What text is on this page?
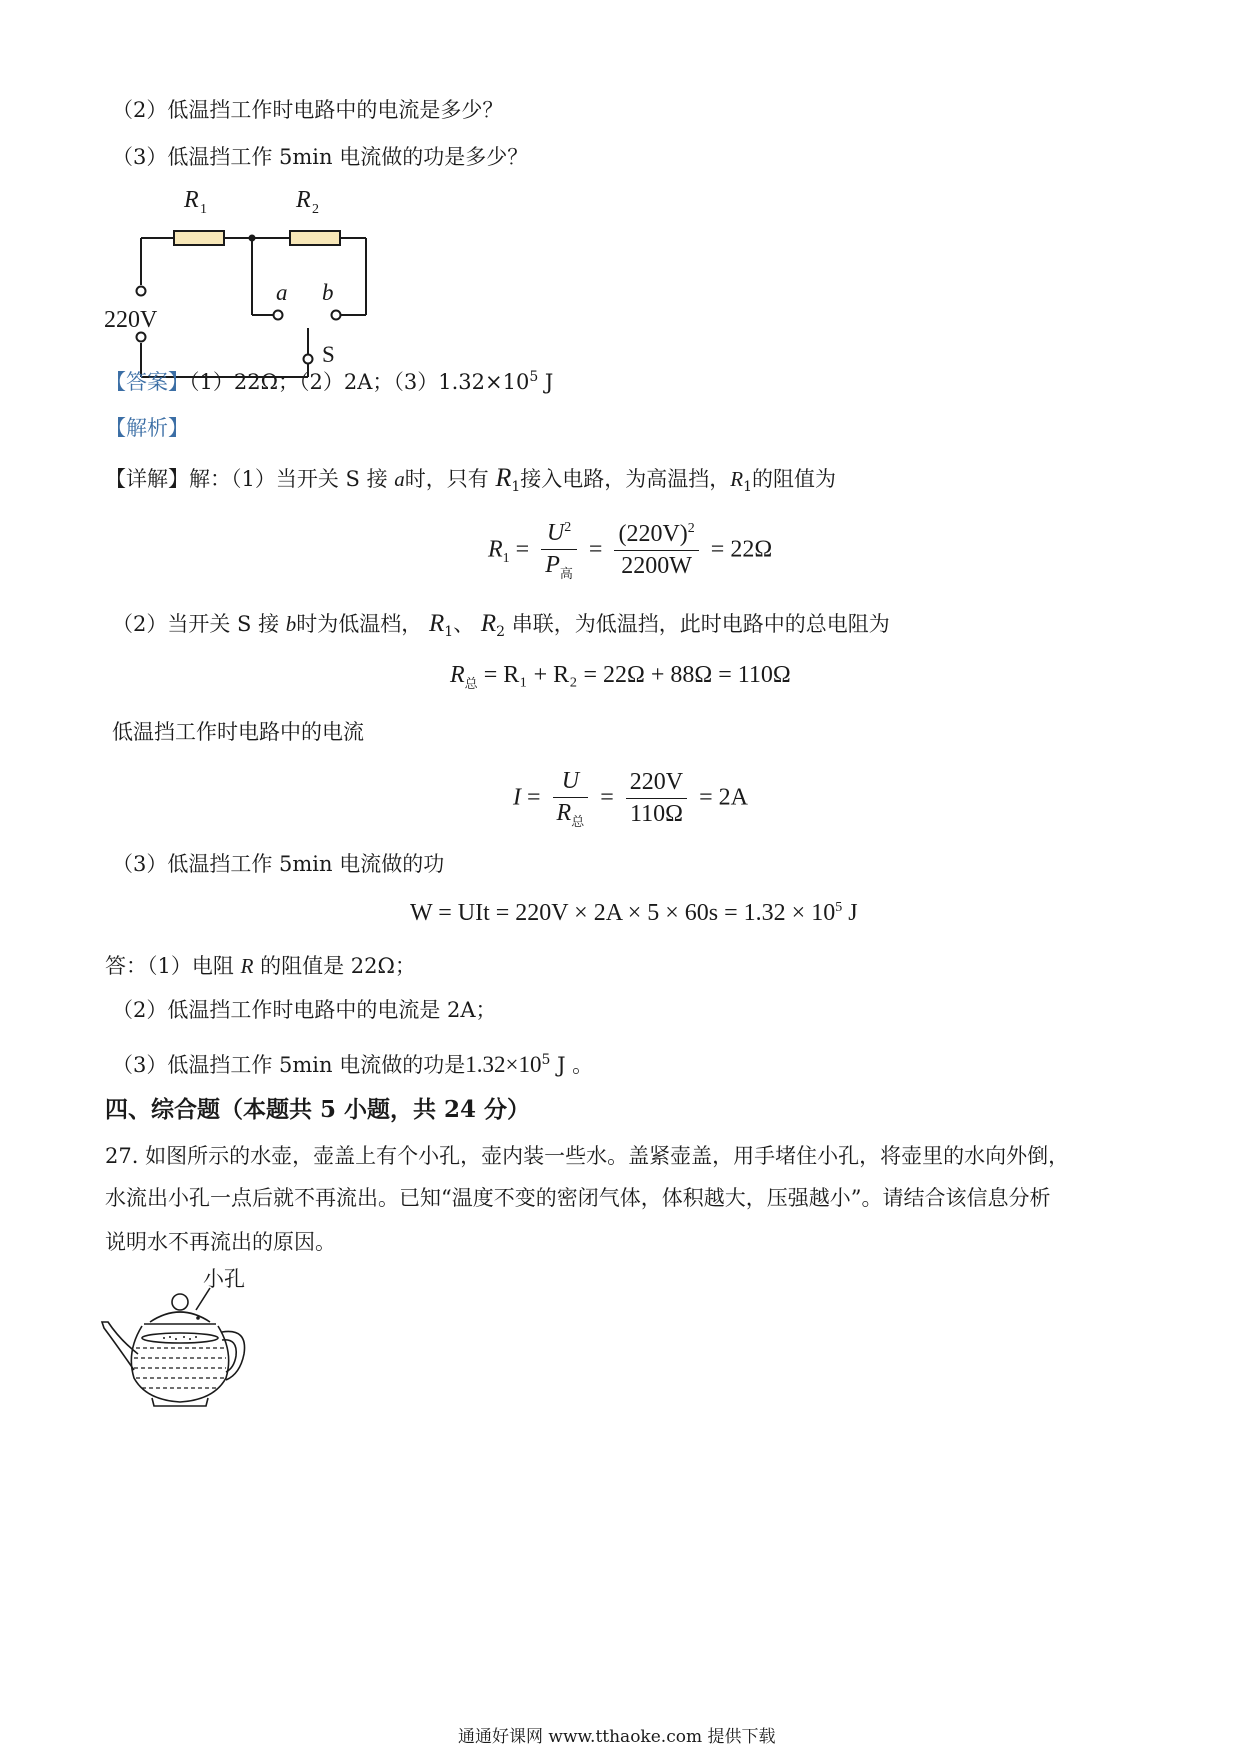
（2）低温挡工作时电路中的电流是多少？
（3）低温挡工作 5min 电流做的功是多少？
R 1	R 2
220V
a b
S
【答案】（1）22Ω；（2）2A；$(3)1.32\times 10^5$ J
【解析】
【详解】解：（1）当开关 S 接 a时，只有 $R_1$接入电路，为高温挡，$R_1$的阻值为
$R_1 = \frac{U^2}{P_高} = \frac{(220V)^2}{2200W} = 22\Omega$
（2）当开关 S 接 b时为低温档， $R_1$、 $R_2$ 串联，为低温挡，此时电路中的总电阻为
$R_总 = R_1 + R_2 = 22\Omega + 88\Omega = 110\Omega$
低温挡工作时电路中的电流
$I = \frac{U}{R_总} = \frac{220V}{110\Omega} = 2A$
（3）低温挡工作 5min 电流做的功
W = UIt = $220V \times 2A \times 5 \times 60s = 1.32 \times 10^5$ J
答：（1）电阻 R 的阻值是 22Ω；
（2）低温挡工作时电路中的电流是 2A；
（3）低温挡工作 5min 电流做的功是$1.32\times 10^5$ J 。
四、综合题（本题共 5 小题，共 24 分）
27. 如图所示的水壶，壶盖上有个小孔，壶内装一些水。盖紧壶盖，用手堵住小孔，将壶里的水向外倒，
水流出小孔一点后就不再流出。已知“温度不变的密闭气体，体积越大，压强越小”。请结合该信息分析
说明水不再流出的原因。
小孔
通通好课网 www.tthaoke.com 提供下载
